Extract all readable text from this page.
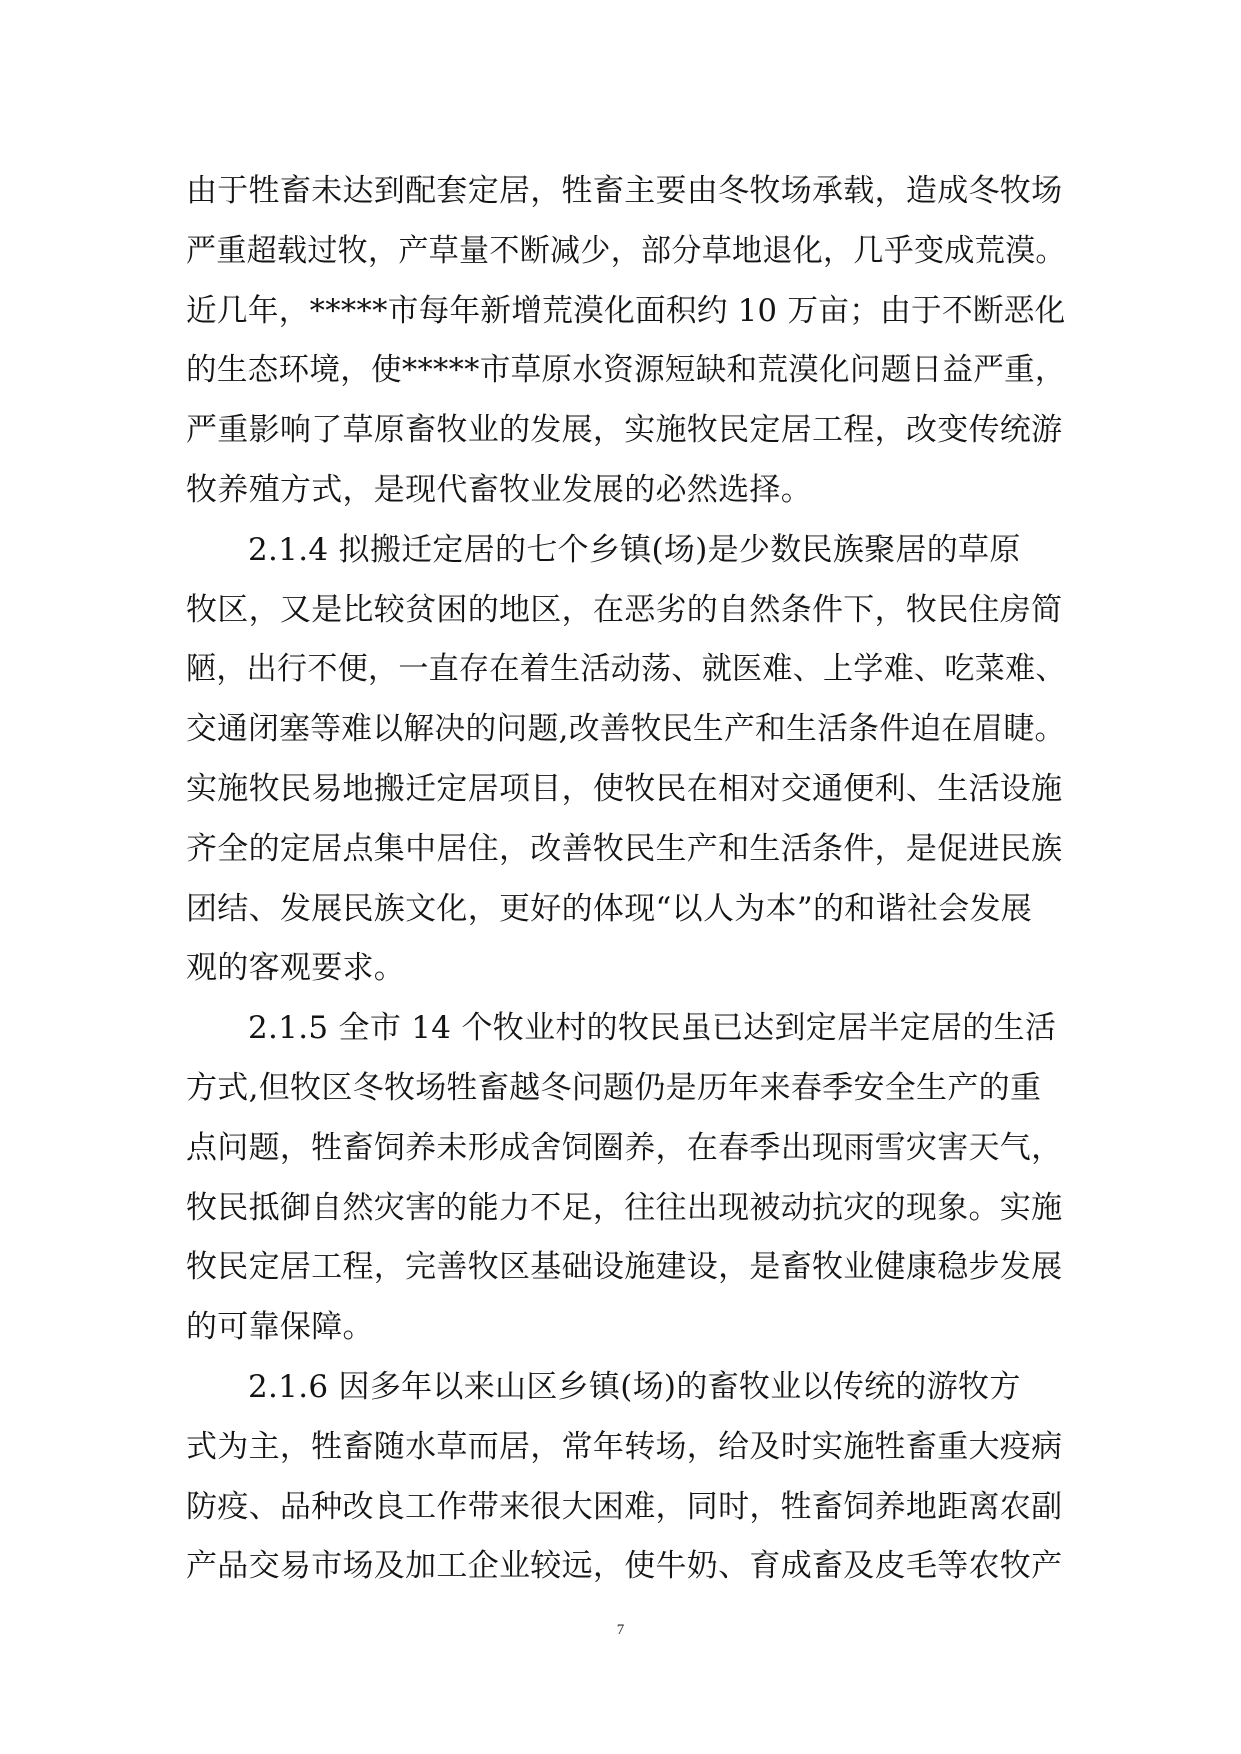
由于牲畜未达到配套定居，牲畜主要由冬牧场承载，造成冬牧场
严重超载过牧，产草量不断减少，部分草地退化，几乎变成荒漠。
近几年，*****市每年新增荒漠化面积约 10 万亩；由于不断恶化
的生态环境，使*****市草原水资源短缺和荒漠化问题日益严重，
严重影响了草原畜牧业的发展，实施牧民定居工程，改变传统游
牧养殖方式，是现代畜牧业发展的必然选择。
2.1.4 拟搬迁定居的七个乡镇(场)是少数民族聚居的草原
牧区，又是比较贫困的地区，在恶劣的自然条件下，牧民住房简
陋，出行不便，一直存在着生活动荡、就医难、上学难、吃菜难、
交通闭塞等难以解决的问题,改善牧民生产和生活条件迫在眉睫。
实施牧民易地搬迁定居项目，使牧民在相对交通便利、生活设施
齐全的定居点集中居住，改善牧民生产和生活条件，是促进民族
团结、发展民族文化，更好的体现“以人为本”的和谐社会发展
观的客观要求。
2.1.5 全市 14 个牧业村的牧民虽已达到定居半定居的生活
方式,但牧区冬牧场牲畜越冬问题仍是历年来春季安全生产的重
点问题，牲畜饲养未形成舍饲圈养，在春季出现雨雪灾害天气，
牧民抵御自然灾害的能力不足，往往出现被动抗灾的现象。实施
牧民定居工程，完善牧区基础设施建设，是畜牧业健康稳步发展
的可靠保障。
2.1.6 因多年以来山区乡镇(场)的畜牧业以传统的游牧方
式为主，牲畜随水草而居，常年转场，给及时实施牲畜重大疫病
防疫、品种改良工作带来很大困难，同时，牲畜饲养地距离农副
产品交易市场及加工企业较远，使牛奶、育成畜及皮毛等农牧产
7
